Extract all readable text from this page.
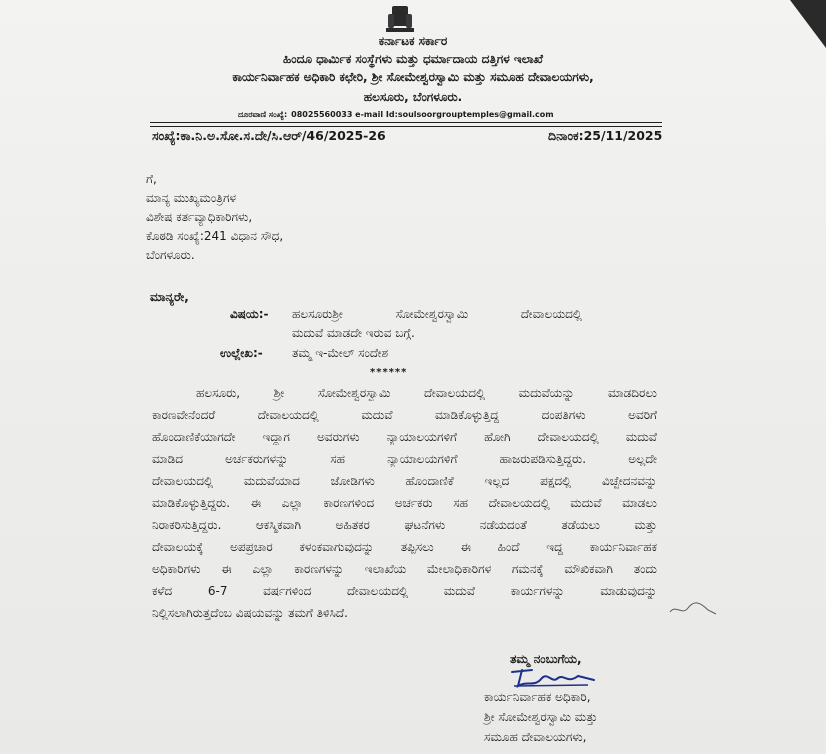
ಕರ್ನಾಟಕ ಸರ್ಕಾರ
ಹಿಂದೂ ಧಾರ್ಮಿಕ ಸಂಸ್ಥೆಗಳು ಮತ್ತು ಧರ್ಮಾದಾಯ ದತ್ತಿಗಳ ಇಲಾಖೆ
ಕಾರ್ಯನಿರ್ವಾಹಕ ಅಧಿಕಾರಿ ಕಛೇರಿ, ಶ್ರೀ ಸೋಮೇಶ್ವರಸ್ವಾಮಿ ಮತ್ತು ಸಮೂಹ ದೇವಾಲಯಗಳು,
ಹಲಸೂರು, ಬೆಂಗಳೂರು.
ದೂರವಾಣಿ ಸಂಖ್ಯೆ: 08025560033 e-mail Id:soulsoorgrouptemples@gmail.com
ಸಂಖ್ಯೆ:ಕಾ.ನಿ.ಅ.ಸೋ.ಸ.ದೇ/ಸಿ.ಆರ್/46/2025-26	ದಿನಾಂಕ:25/11/2025
ಗೆ,
ಮಾನ್ಯ ಮುಖ್ಯಮಂತ್ರಿಗಳ
ವಿಶೇಷ ಕರ್ತವ್ಯಾಧಿಕಾರಿಗಳು,
ಕೊಠಡಿ ಸಂಖ್ಯೆ:241 ವಿಧಾನ ಸೌಧ,
ಬೆಂಗಳೂರು.
ಮಾನ್ಯರೇ,
ವಿಷಯ:- ಹಲಸೂರುಶ್ರೀ ಸೋಮೇಶ್ವರಸ್ವಾಮಿ ದೇವಾಲಯದಲ್ಲಿ
ಮದುವೆ ಮಾಡದೇ ಇರುವ ಬಗ್ಗೆ.
ಉಲ್ಲೇಖ:- ತಮ್ಮ ಇ-ಮೇಲ್ ಸಂದೇಶ
******
ಹಲಸೂರು, ಶ್ರೀ ಸೋಮೇಶ್ವರಸ್ವಾಮಿ ದೇವಾಲಯದಲ್ಲಿ ಮದುವೆಯನ್ನು ಮಾಡದಿರಲು
ಕಾರಣವೇನೆಂದರೆ ದೇವಾಲಯದಲ್ಲಿ ಮದುವೆ ಮಾಡಿಕೊಳ್ಳುತ್ತಿದ್ದ ದಂಪತಿಗಳು ಅವರಿಗೆ
ಹೊಂದಾಣಿಕೆಯಾಗದೇ ಇದ್ದಾಗ ಅವರುಗಳು ನ್ಯಾಯಾಲಯಗಳಿಗೆ ಹೋಗಿ ದೇವಾಲಯದಲ್ಲಿ ಮದುವೆ
ಮಾಡಿದ ಅರ್ಚಕರುಗಳನ್ನು ಸಹ ನ್ಯಾಯಾಲಯಗಳಿಗೆ ಹಾಜರುಪಡಿಸುತ್ತಿದ್ದರು. ಅಲ್ಲದೇ
ದೇವಾಲಯದಲ್ಲಿ ಮದುವೆಯಾದ ಜೋಡಿಗಳು ಹೊಂದಾಣಿಕೆ ಇಲ್ಲದ ಪಕ್ಷದಲ್ಲಿ ವಿಚ್ಛೇದನವನ್ನು
ಮಾಡಿಕೊಳ್ಳುತ್ತಿದ್ದರು. ಈ ಎಲ್ಲಾ ಕಾರಣಗಳಿಂದ ಅರ್ಚಕರು ಸಹ ದೇವಾಲಯದಲ್ಲಿ ಮದುವೆ ಮಾಡಲು
ನಿರಾಕರಿಸುತ್ತಿದ್ದರು. ಆಕಸ್ಮಿಕವಾಗಿ ಅಹಿತಕರ ಘಟನೆಗಳು ನಡೆಯದಂತೆ ತಡೆಯಲು ಮತ್ತು
ದೇವಾಲಯಕ್ಕೆ ಅಪಪ್ರಚಾರ ಕಳಂಕವಾಗುವುದನ್ನು ತಪ್ಪಿಸಲು ಈ ಹಿಂದೆ ಇದ್ದ ಕಾರ್ಯನಿರ್ವಾಹಕ
ಅಧಿಕಾರಿಗಳು ಈ ಎಲ್ಲಾ ಕಾರಣಗಳನ್ನು ಇಲಾಖೆಯ ಮೇಲಾಧಿಕಾರಿಗಳ ಗಮನಕ್ಕೆ ಮೌಖಿಕವಾಗಿ ತಂದು
ಕಳೆದ 6-7 ವರ್ಷಗಳಿಂದ ದೇವಾಲಯದಲ್ಲಿ ಮದುವೆ ಕಾರ್ಯಗಳನ್ನು ಮಾಡುವುದನ್ನು
ನಿಲ್ಲಿಸಲಾಗಿರುತ್ತದೆಂಬ ವಿಷಯವನ್ನು ತಮಗೆ ತಿಳಿಸಿದೆ.
ತಮ್ಮ ನಂಬುಗೆಯ,
ಕಾರ್ಯನಿರ್ವಾಹಕ ಅಧಿಕಾರಿ,
ಶ್ರೀ ಸೋಮೇಶ್ವರಸ್ವಾಮಿ ಮತ್ತು
ಸಮೂಹ ದೇವಾಲಯಗಳು,
